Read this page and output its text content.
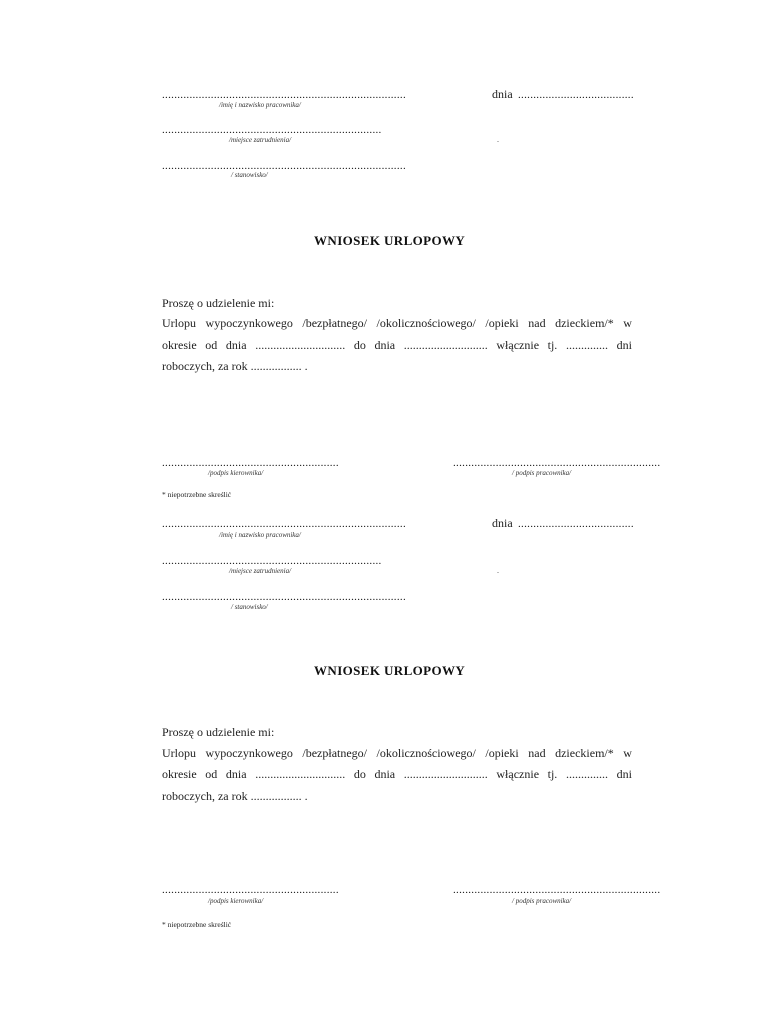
................................................................................
/imię i nazwisko pracownika/
dnia ......................................
........................................................................
/miejsce zatrudnienia/	.
................................................................................
/ stanowisko/
WNIOSEK URLOPOWY
Proszę o udzielenie mi:
Urlopu wypoczynkowego /bezpłatnego/ /okolicznościowego/ /opieki nad dzieckiem/* w
okresie od dnia .............................. do dnia ............................ włącznie tj. .............. dni
roboczych, za rok ................. .
..........................................................
/podpis kierownika/
....................................................................
/ podpis pracownika/
* niepotrzebne skreślić
................................................................................
/imię i nazwisko pracownika/
dnia ......................................
........................................................................
/miejsce zatrudnienia/	.
................................................................................
/ stanowisko/
WNIOSEK URLOPOWY
Proszę o udzielenie mi:
Urlopu wypoczynkowego /bezpłatnego/ /okolicznościowego/ /opieki nad dzieckiem/* w
okresie od dnia .............................. do dnia ............................ włącznie tj. .............. dni
roboczych, za rok ................. .
..........................................................
/podpis kierownika/
....................................................................
/ podpis pracownika/
* niepotrzebne skreślić
